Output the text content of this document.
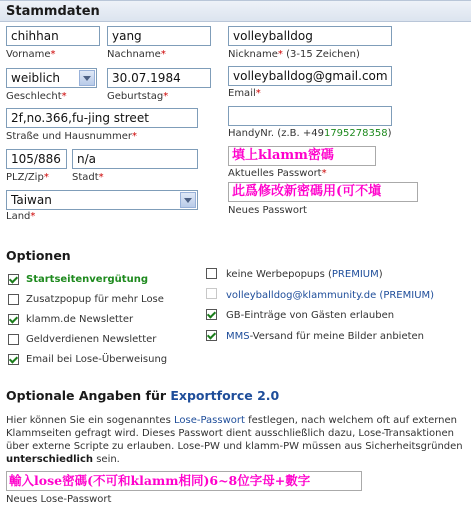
Stammdaten
chihhan
Vorname*
yang
Nachname*
volleyballdog
Nickname* (3-15 Zeichen)
weiblich
Geschlecht*
30.07.1984
Geburtstag*
volleyballdog@gmail.com
Email*
2f,no.366,fu-jing street
Straße und Hausnummer*	HandyNr. (z.B. +491795278358)
105/886
PLZ/Zip*
n/a
Stadt*
填上klamm密碼
Aktuelles Passwort*
Taiwan
Land*
此爲修改新密碼用(可不塡
Neues Passwort
Optionen
Startseitenvergütung
Zusatzpopup für mehr Lose
klamm.de Newsletter
Geldverdienen Newsletter
Email bei Lose-Überweisung
keine Werbepopups (PREMIUM)
volleyballdog@klammunity.de (PREMIUM)
GB-Einträge von Gästen erlauben
MMS-Versand für meine Bilder anbieten
Optionale Angaben für Exportforce 2.0
Hier können Sie ein sogenanntes Lose-Passwort festlegen, nach welchem oft auf externen Klammseiten gefragt wird. Dieses Passwort dient ausschließlich dazu, Lose-Transaktionen über externe Scripte zu erlauben. Lose-PW und klamm-PW müssen aus Sicherheitsgründen unterschiedlich sein.
輸入lose密碼(不可和klamm相同)6~8位字母+數字
Neues Lose-Passwort
